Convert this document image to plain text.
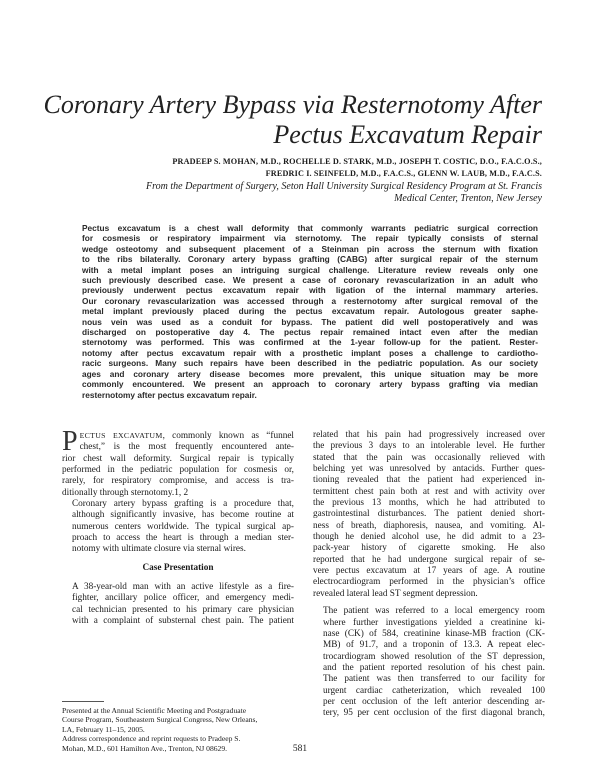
Coronary Artery Bypass via Resternotomy After
Pectus Excavatum Repair
PRADEEP S. MOHAN, M.D., ROCHELLE D. STARK, M.D., JOSEPH T. COSTIC, D.O., F.A.C.O.S.,
FREDRIC I. SEINFELD, M.D., F.A.C.S., GLENN W. LAUB, M.D., F.A.C.S.
From the Department of Surgery, Seton Hall University Surgical Residency Program at St. Francis
Medical Center, Trenton, New Jersey
Pectus excavatum is a chest wall deformity that commonly warrants pediatric surgical correction
for cosmesis or respiratory impairment via sternotomy. The repair typically consists of sternal
wedge osteotomy and subsequent placement of a Steinman pin across the sternum with fixation
to the ribs bilaterally. Coronary artery bypass grafting (CABG) after surgical repair of the sternum
with a metal implant poses an intriguing surgical challenge. Literature review reveals only one
such previously described case. We present a case of coronary revascularization in an adult who
previously underwent pectus excavatum repair with ligation of the internal mammary arteries.
Our coronary revascularization was accessed through a resternotomy after surgical removal of the
metal implant previously placed during the pectus excavatum repair. Autologous greater saphe-
nous vein was used as a conduit for bypass. The patient did well postoperatively and was
discharged on postoperative day 4. The pectus repair remained intact even after the median
sternotomy was performed. This was confirmed at the 1-year follow-up for the patient. Rester-
notomy after pectus excavatum repair with a prosthetic implant poses a challenge to cardiotho-
racic surgeons. Many such repairs have been described in the pediatric population. As our society
ages and coronary artery disease becomes more prevalent, this unique situation may be more
commonly encountered. We present an approach to coronary artery bypass grafting via median
resternotomy after pectus excavatum repair.

P ECTUS EXCAVATUM, commonly known as “funnel
chest,” is the most frequently encountered ante-
rior chest wall deformity. Surgical repair is typically
performed in the pediatric population for cosmesis or,
rarely, for respiratory compromise, and access is tra-
ditionally through sternotomy.1, 2

Coronary artery bypass grafting is a procedure that,
although significantly invasive, has become routine at
numerous centers worldwide. The typical surgical ap-
proach to access the heart is through a median ster-
notomy with ultimate closure via sternal wires.

Case Presentation

A 38-year-old man with an active lifestyle as a fire-
fighter, ancillary police officer, and emergency medi-
cal technician presented to his primary care physician
with a complaint of substernal chest pain. The patient

related that his pain had progressively increased over
the previous 3 days to an intolerable level. He further
stated that the pain was occasionally relieved with
belching yet was unresolved by antacids. Further ques-
tioning revealed that the patient had experienced in-
termittent chest pain both at rest and with activity over
the previous 13 months, which he had attributed to
gastrointestinal disturbances. The patient denied short-
ness of breath, diaphoresis, nausea, and vomiting. Al-
though he denied alcohol use, he did admit to a 23-
pack-year history of cigarette smoking. He also
reported that he had undergone surgical repair of se-
vere pectus excavatum at 17 years of age. A routine
electrocardiogram performed in the physician’s office
revealed lateral lead ST segment depression.

The patient was referred to a local emergency room
where further investigations yielded a creatinine ki-
nase (CK) of 584, creatinine kinase-MB fraction (CK-
MB) of 91.7, and a troponin of 13.3. A repeat elec-
trocardiogram showed resolution of the ST depression,
and the patient reported resolution of his chest pain.
The patient was then transferred to our facility for
urgent cardiac catheterization, which revealed 100
per cent occlusion of the left anterior descending ar-
tery, 95 per cent occlusion of the first diagonal branch,

Presented at the Annual Scientific Meeting and Postgraduate
Course Program, Southeastern Surgical Congress, New Orleans,
LA, February 11–15, 2005.
Address correspondence and reprint requests to Pradeep S.
Mohan, M.D., 601 Hamilton Ave., Trenton, NJ 08629.	581
